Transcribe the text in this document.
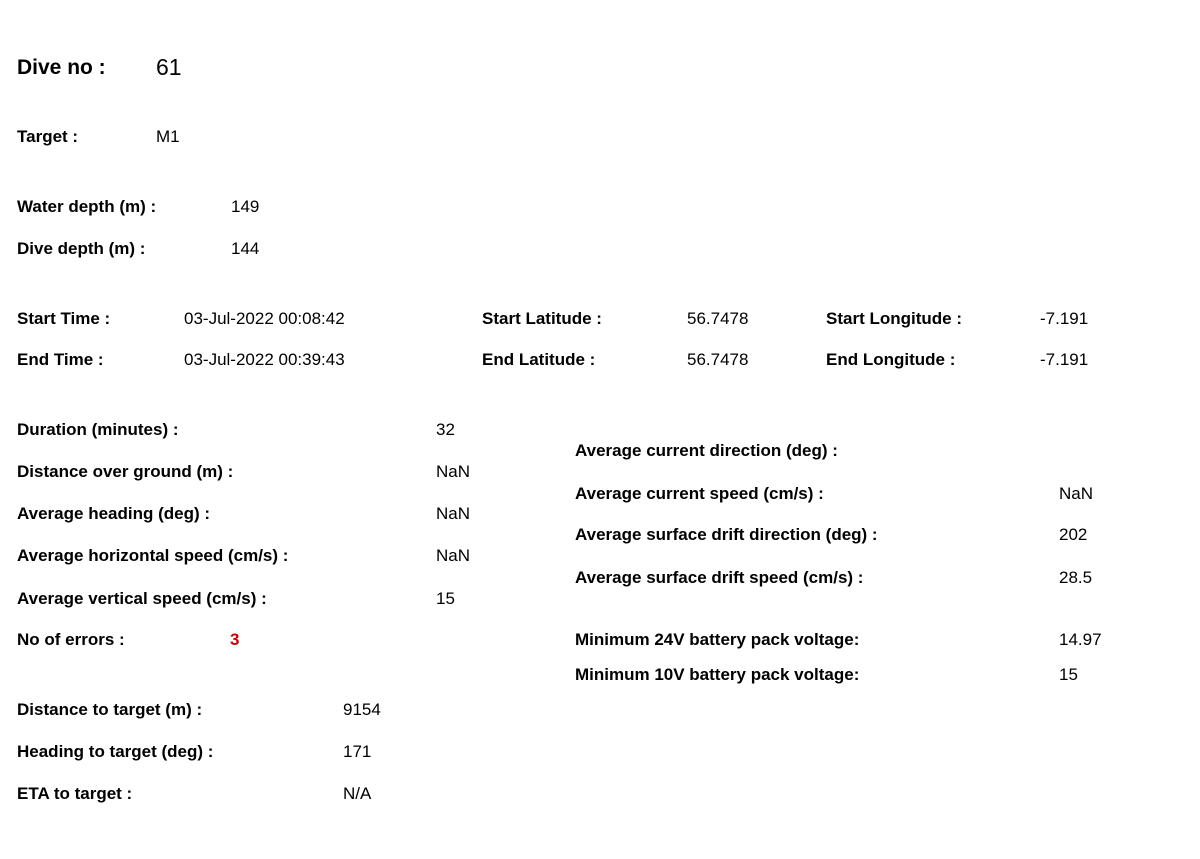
Dive no : 61
Target :	M1
Water depth (m) :	149
Dive depth (m) :	144
Start Time :	03-Jul-2022 00:08:42
End Time :	03-Jul-2022 00:39:43
Start Latitude :	56.7478
End Latitude :	56.7478
Start Longitude :	-7.191
End Longitude :	-7.191
Duration (minutes) :	32
Distance over ground (m) :	NaN
Average heading (deg) :	NaN
Average horizontal speed (cm/s) :	NaN
Average vertical speed (cm/s) :	15
No of errors :	3
Average current direction (deg) :
Average current speed (cm/s) :	NaN
Average surface drift direction (deg) :	202
Average surface drift speed (cm/s) :	28.5
Minimum 24V battery pack voltage:	14.97
Minimum 10V battery pack voltage:	15
Distance to target (m) :	9154
Heading to target (deg) :	171
ETA to target :	N/A
